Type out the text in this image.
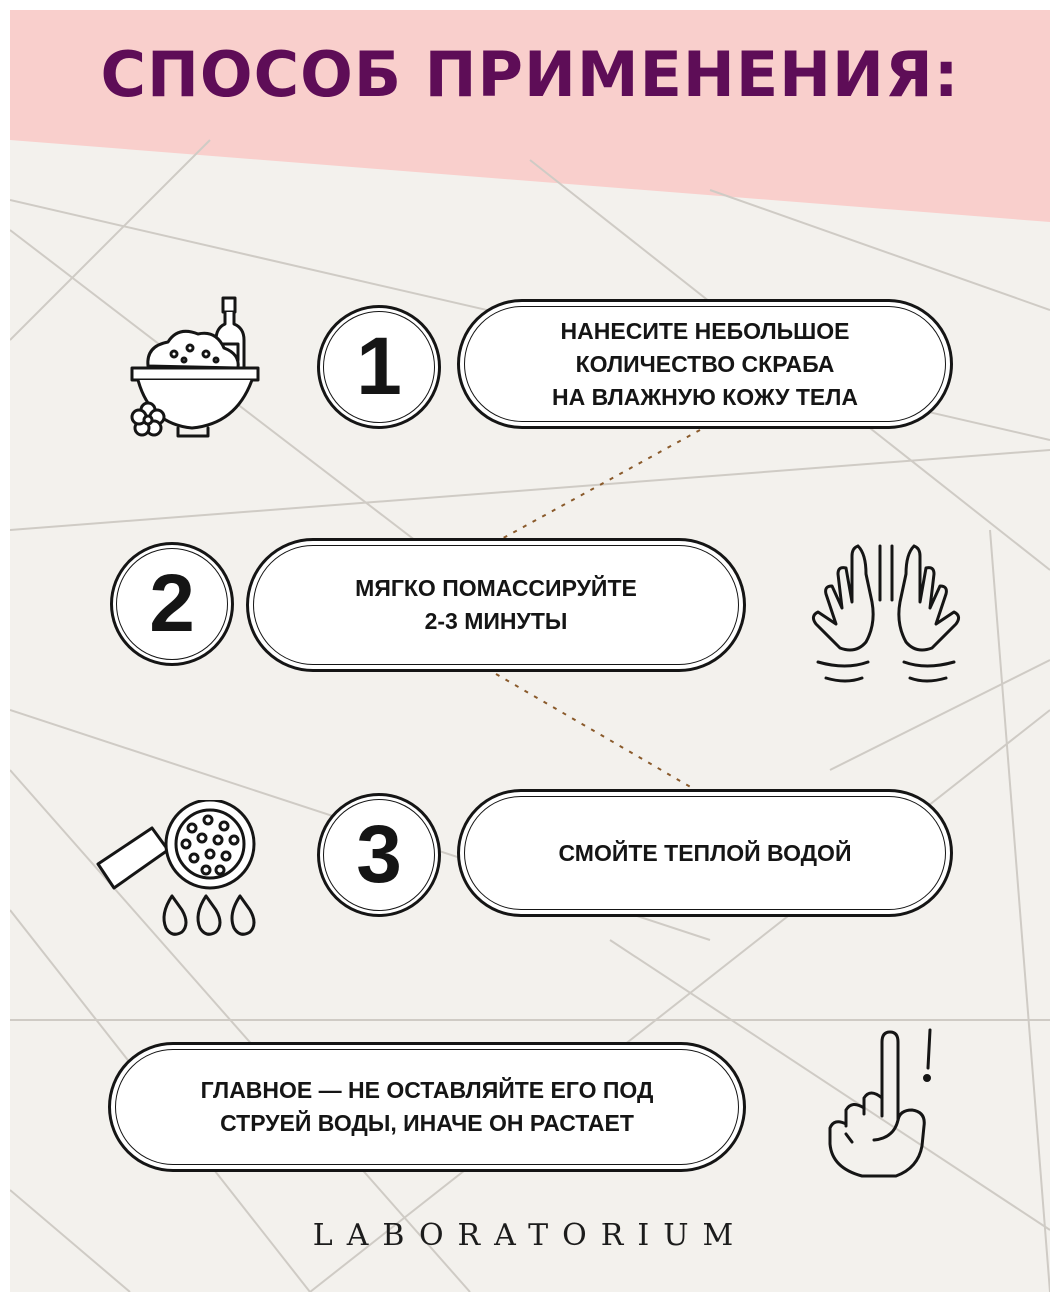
СПОСОБ ПРИМЕНЕНИЯ:
1	НАНЕСИТЕ НЕБОЛЬШОЕ
КОЛИЧЕСТВО СКРАБА
НА ВЛАЖНУЮ КОЖУ ТЕЛА
2	МЯГКО ПОМАССИРУЙТЕ
2-3 МИНУТЫ
3	СМОЙТЕ ТЕПЛОЙ ВОДОЙ
ГЛАВНОЕ — НЕ ОСТАВЛЯЙТЕ ЕГО ПОД
СТРУЕЙ ВОДЫ, ИНАЧЕ ОН РАСТАЕТ
LABORATORIUM
